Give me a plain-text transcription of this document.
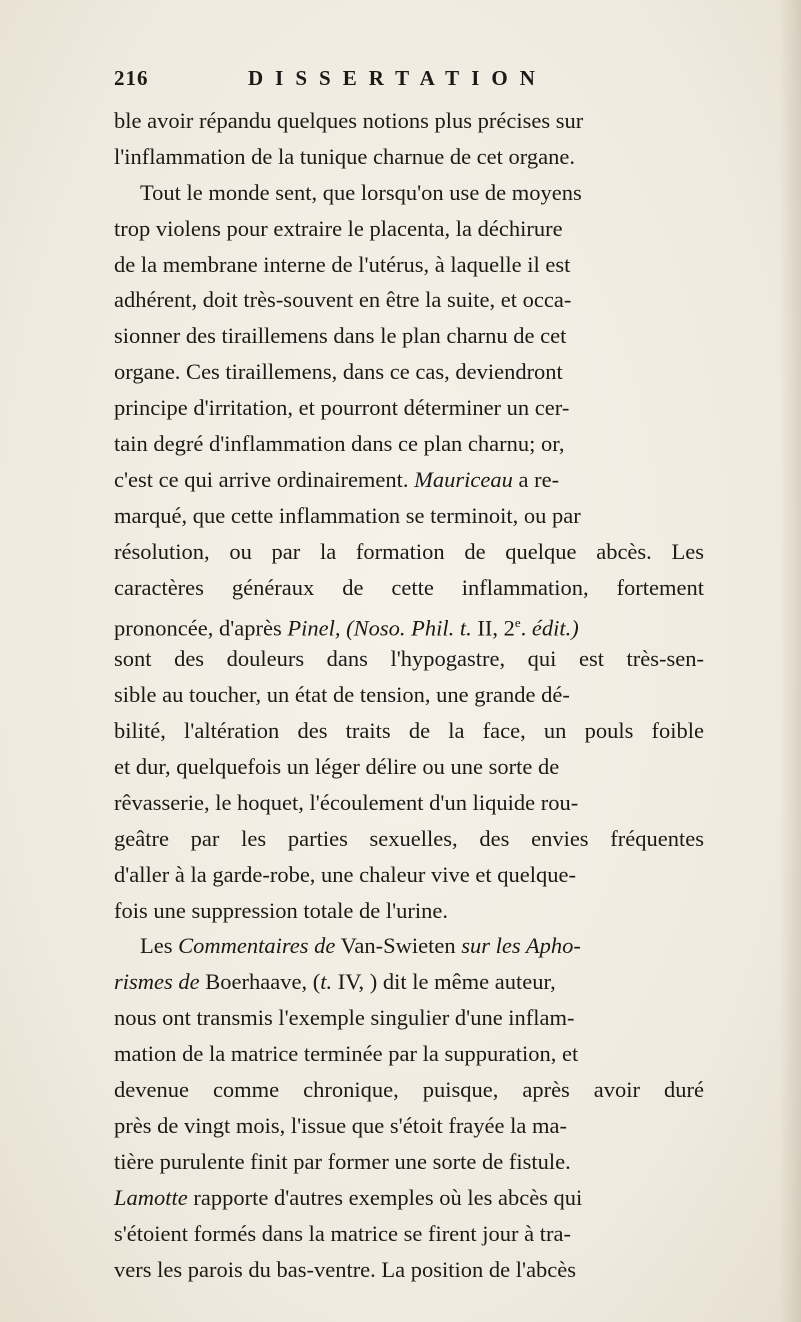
216	DISSERTATION
ble avoir répandu quelques notions plus précises sur
l'inflammation de la tunique charnue de cet organe.
Tout le monde sent, que lorsqu'on use de moyens
trop violens pour extraire le placenta, la déchirure
de la membrane interne de l'utérus, à laquelle il est
adhérent, doit très-souvent en être la suite, et occa-
sionner des tiraillemens dans le plan charnu de cet
organe. Ces tiraillemens, dans ce cas, deviendront
principe d'irritation, et pourront déterminer un cer-
tain degré d'inflammation dans ce plan charnu; or,
c'est ce qui arrive ordinairement. Mauriceau a re-
marqué, que cette inflammation se terminoit, ou par
résolution, ou par la formation de quelque abcès. Les
caractères généraux de cette inflammation, fortement
prononcée, d'après Pinel, (Noso. Phil. t. II, 2e. édit.)
sont des douleurs dans l'hypogastre, qui est très-sen-
sible au toucher, un état de tension, une grande dé-
bilité, l'altération des traits de la face, un pouls foible
et dur, quelquefois un léger délire ou une sorte de
rêvasserie, le hoquet, l'écoulement d'un liquide rou-
geâtre par les parties sexuelles, des envies fréquentes
d'aller à la garde-robe, une chaleur vive et quelque-
fois une suppression totale de l'urine.
Les Commentaires de Van-Swieten sur les Apho-
rismes de Boerhaave, (t. IV, ) dit le même auteur,
nous ont transmis l'exemple singulier d'une inflam-
mation de la matrice terminée par la suppuration, et
devenue comme chronique, puisque, après avoir duré
près de vingt mois, l'issue que s'étoit frayée la ma-
tière purulente finit par former une sorte de fistule.
Lamotte rapporte d'autres exemples où les abcès qui
s'étoient formés dans la matrice se firent jour à tra-
vers les parois du bas-ventre. La position de l'abcès
